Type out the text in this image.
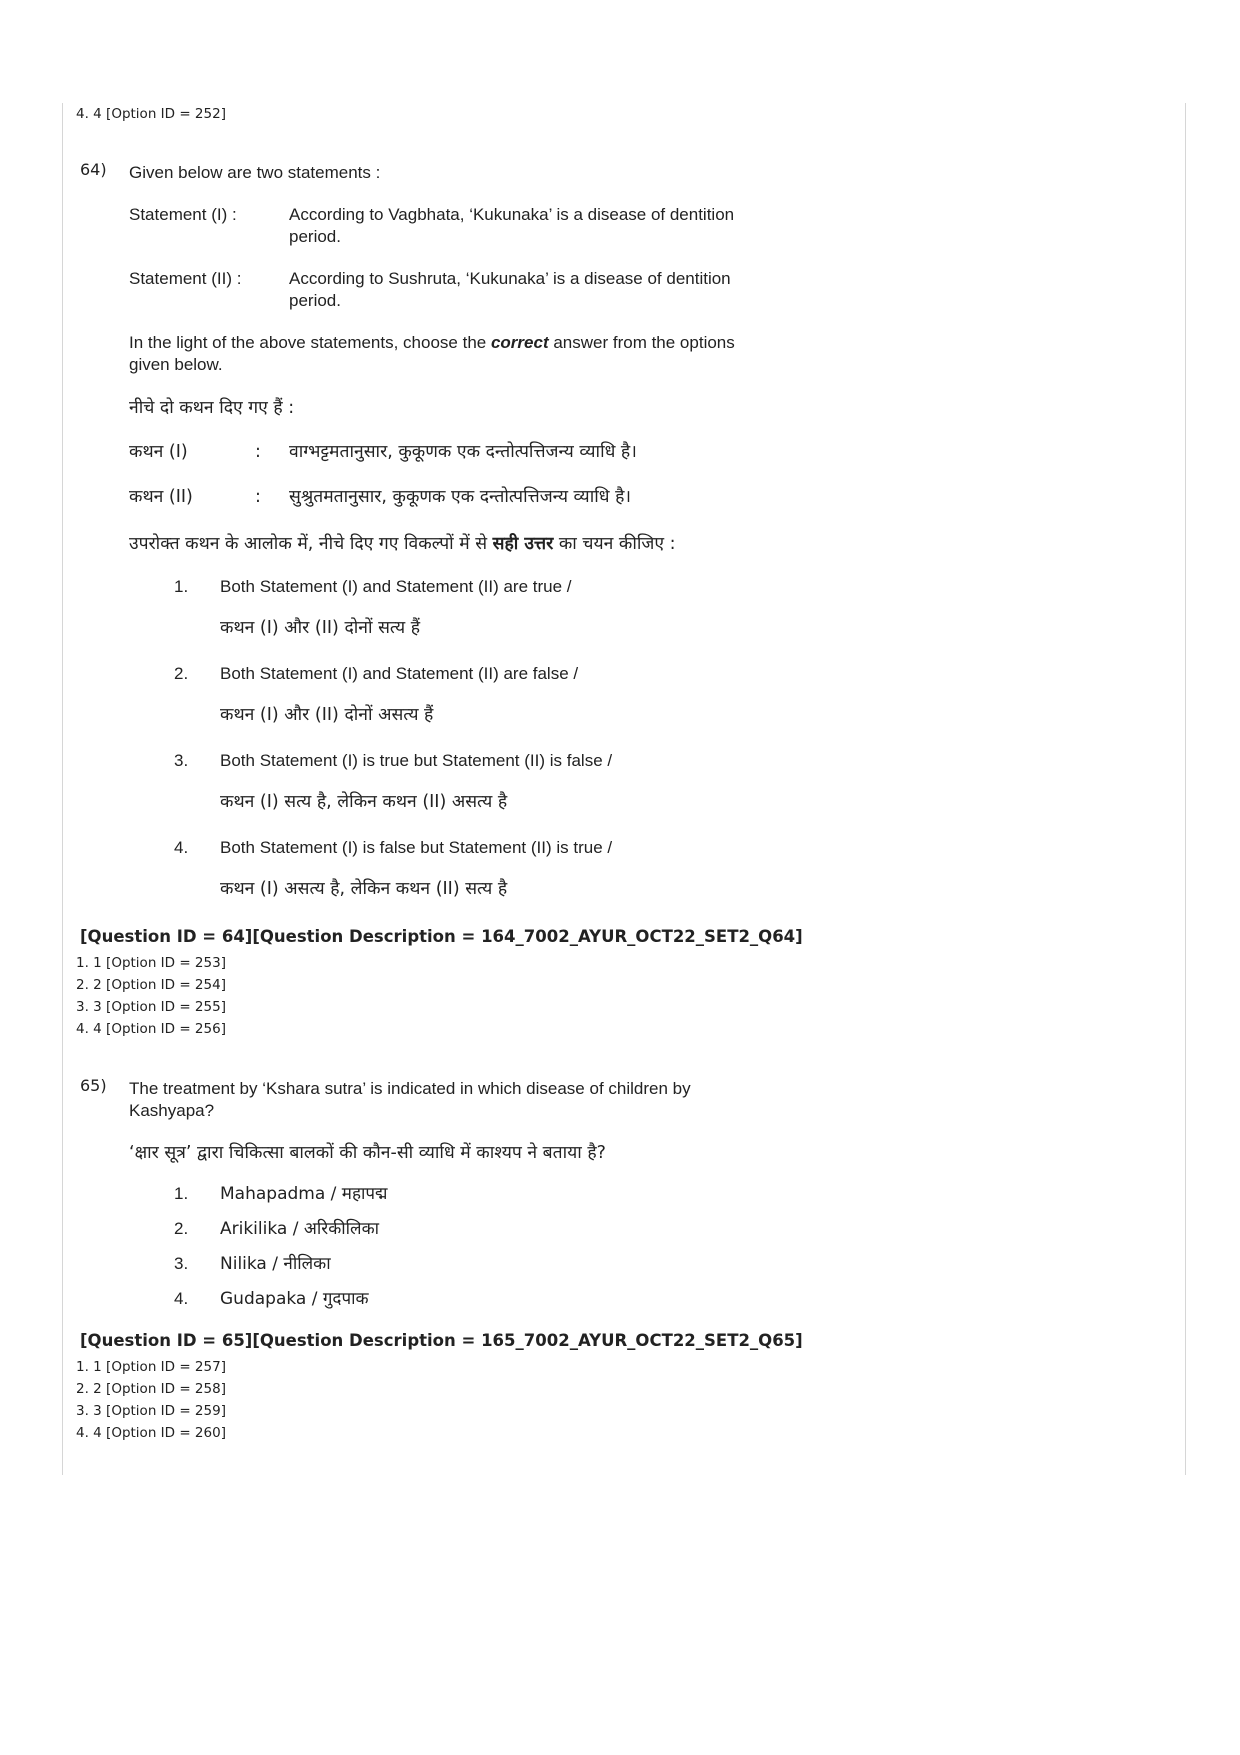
4. 4 [Option ID = 252]
64) Given below are two statements :
Statement (I) :	According to Vagbhata, ‘Kukunaka’ is a disease of dentition
period.
Statement (II) :	According to Sushruta, ‘Kukunaka’ is a disease of dentition
period.
In the light of the above statements, choose the correct answer from the options
given below.
नीचे दो कथन दिए गए हैं :
कथन (I)	: वाग्भट्टमतानुसार, कुकूणक एक दन्तोत्पत्तिजन्य व्याधि है।
कथन (II)	: सुश्रुतमतानुसार, कुकूणक एक दन्तोत्पत्तिजन्य व्याधि है।
उपरोक्त कथन के आलोक में, नीचे दिए गए विकल्पों में से सही उत्तर का चयन कीजिए :
1. Both Statement (I) and Statement (II) are true /
कथन (I) और (II) दोनों सत्य हैं
2. Both Statement (I) and Statement (II) are false /
कथन (I) और (II) दोनों असत्य हैं
3. Both Statement (I) is true but Statement (II) is false /
कथन (I) सत्य है, लेकिन कथन (II) असत्य है
4. Both Statement (I) is false but Statement (II) is true /
कथन (I) असत्य है, लेकिन कथन (II) सत्य है
[Question ID = 64][Question Description = 164_7002_AYUR_OCT22_SET2_Q64]
1. 1 [Option ID = 253]
2. 2 [Option ID = 254]
3. 3 [Option ID = 255]
4. 4 [Option ID = 256]
65) The treatment by ‘Kshara sutra’ is indicated in which disease of children by
Kashyapa?
‘क्षार सूत्र’ द्वारा चिकित्सा बालकों की कौन-सी व्याधि में काश्यप ने बताया है?
1. Mahapadma / महापद्म
2. Arikilika / अरिकीलिका
3. Nilika / नीलिका
4. Gudapaka / गुदपाक
[Question ID = 65][Question Description = 165_7002_AYUR_OCT22_SET2_Q65]
1. 1 [Option ID = 257]
2. 2 [Option ID = 258]
3. 3 [Option ID = 259]
4. 4 [Option ID = 260]
